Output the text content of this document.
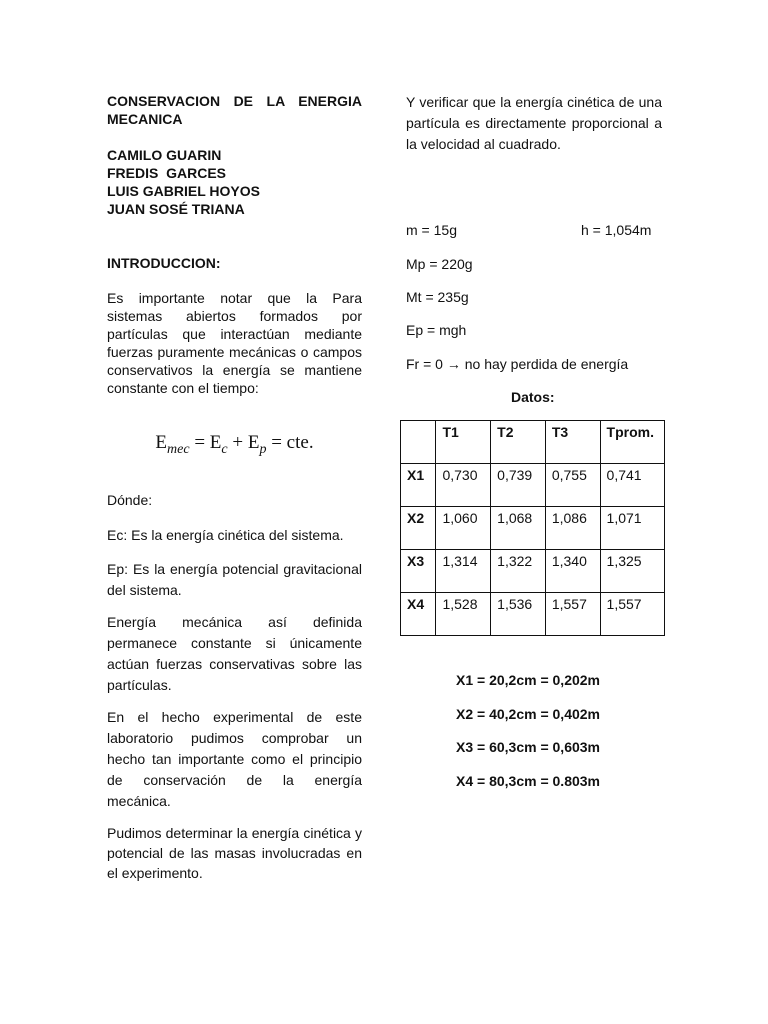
CONSERVACION DE LA ENERGIA
MECANICA
CAMILO GUARIN
FREDIS  GARCES
LUIS GABRIEL HOYOS
JUAN SOSÉ TRIANA
INTRODUCCION:

Es importante notar que la Para sistemas abiertos formados por partículas que interactúan mediante fuerzas puramente mecánicas o campos conservativos la energía se mantiene constante con el tiempo:

$E_{mec} = E_c + E_p$ = cte.

Dónde:

Ec: Es la energía cinética del sistema.

Ep: Es la energía potencial gravitacional del sistema.

Energía mecánica así definida permanece constante si únicamente actúan fuerzas conservativas sobre las partículas.

En el hecho experimental de este laboratorio pudimos comprobar un hecho tan importante como el principio de conservación de la energía mecánica.

Pudimos determinar la energía cinética y potencial de las masas involucradas en el experimento.

Y verificar que la energía cinética de una partícula es directamente proporcional a la velocidad al cuadrado.

m = 15g	h = 1,054m
Mp = 220g
Mt = 235g
Ep = mgh
Fr = 0 → no hay perdida de energía
Datos:
	T1	T2	T3	Tprom.
X1	0,730	0,739	0,755	0,741
X2	1,060	1,068	1,086	1,071
X3	1,314	1,322	1,340	1,325
X4	1,528	1,536	1,557	1,557
X1 = 20,2cm = 0,202m
X2 = 40,2cm = 0,402m
X3 = 60,3cm = 0,603m
X4 = 80,3cm = 0.803m
